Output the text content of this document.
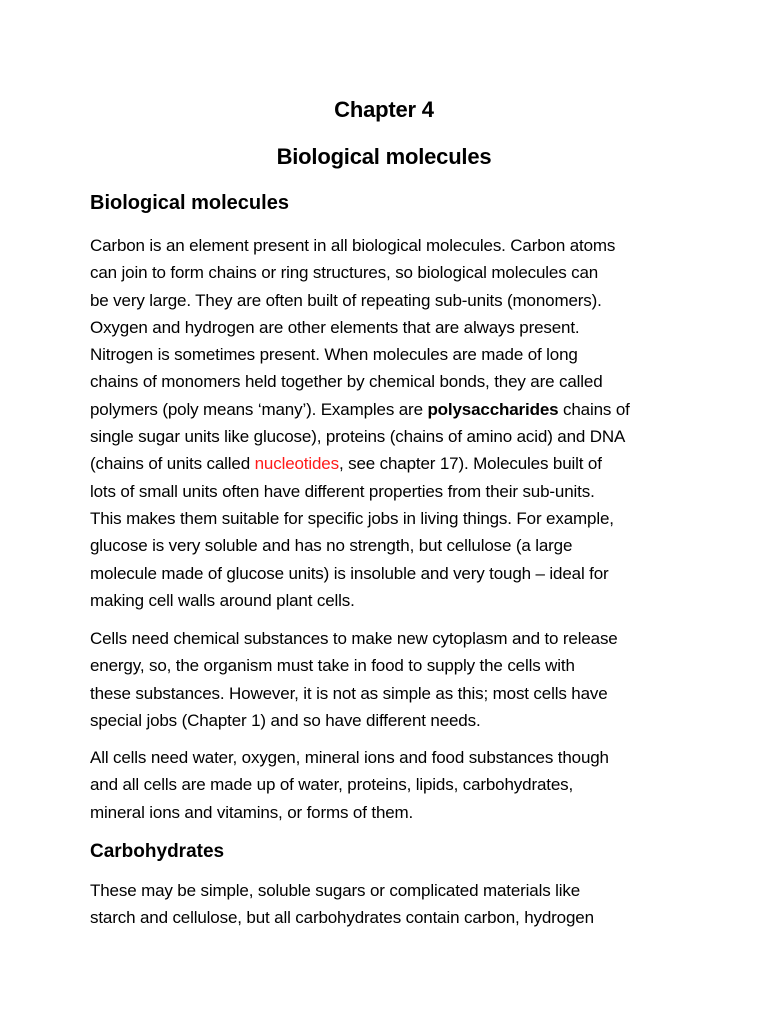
Chapter 4
Biological molecules
Biological molecules

Carbon is an element present in all biological molecules. Carbon atoms
can join to form chains or ring structures, so biological molecules can
be very large. They are often built of repeating sub-units (monomers).
Oxygen and hydrogen are other elements that are always present.
Nitrogen is sometimes present. When molecules are made of long
chains of monomers held together by chemical bonds, they are called
polymers (poly means ‘many’). Examples are polysaccharides chains of
single sugar units like glucose), proteins (chains of amino acid) and DNA
(chains of units called nucleotides, see chapter 17). Molecules built of
lots of small units often have different properties from their sub-units.
This makes them suitable for specific jobs in living things. For example,
glucose is very soluble and has no strength, but cellulose (a large
molecule made of glucose units) is insoluble and very tough – ideal for
making cell walls around plant cells.

Cells need chemical substances to make new cytoplasm and to release
energy, so, the organism must take in food to supply the cells with
these substances. However, it is not as simple as this; most cells have
special jobs (Chapter 1) and so have different needs.

All cells need water, oxygen, mineral ions and food substances though
and all cells are made up of water, proteins, lipids, carbohydrates,
mineral ions and vitamins, or forms of them.

Carbohydrates

These may be simple, soluble sugars or complicated materials like
starch and cellulose, but all carbohydrates contain carbon, hydrogen
